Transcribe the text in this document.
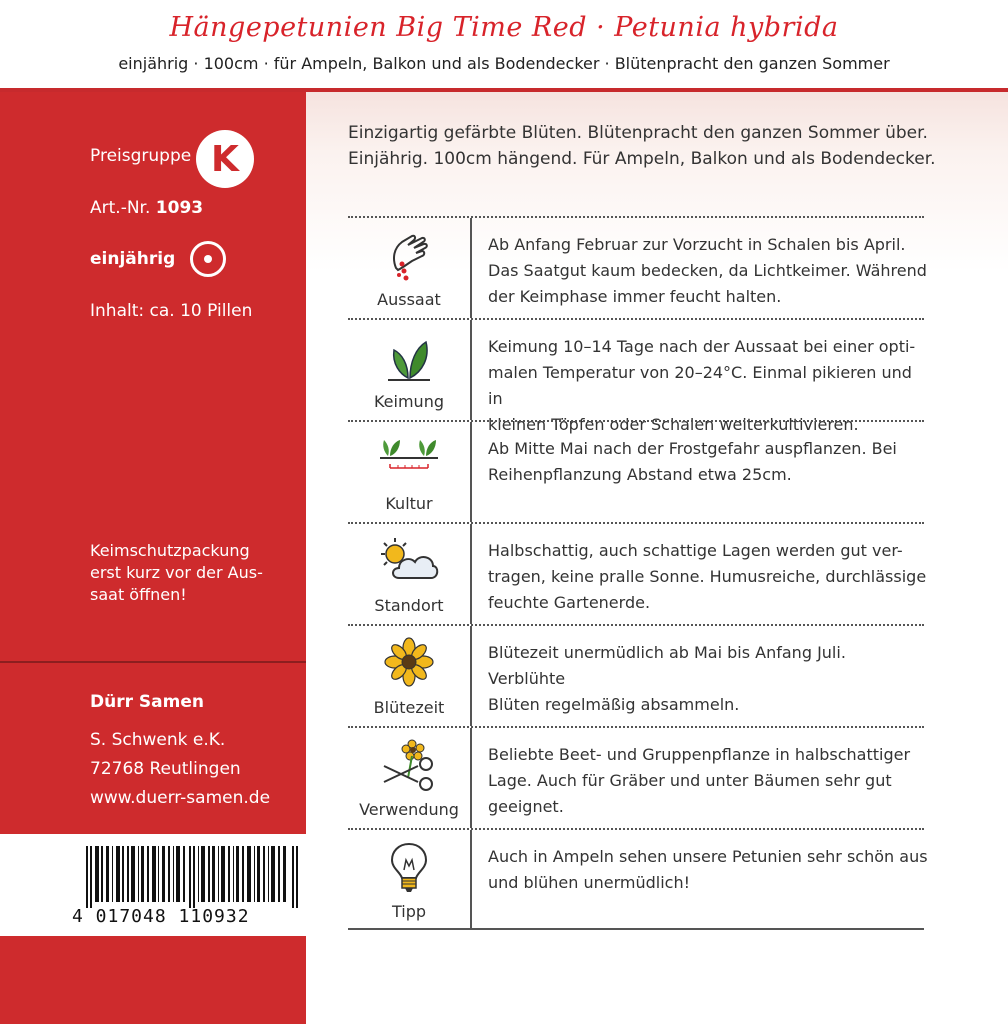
Hängepetunien Big Time Red · Petunia hybrida
einjährig · 100cm · für Ampeln, Balkon und als Bodendecker · Blütenpracht den ganzen Sommer
Preisgruppe K
Art.-Nr. 1093
einjährig
Inhalt: ca. 10 Pillen
Keimschutzpackung
erst kurz vor der Aus-
saat öffnen!
Dürr Samen
S. Schwenk e.K.
72768 Reutlingen
www.duerr-samen.de
4 017048 110932
Einzigartig gefärbte Blüten. Blütenpracht den ganzen Sommer über.
Einjährig. 100cm hängend. Für Ampeln, Balkon und als Bodendecker.
Aussaat
Ab Anfang Februar zur Vorzucht in Schalen bis April.
Das Saatgut kaum bedecken, da Lichtkeimer. Während
der Keimphase immer feucht halten.
Keimung
Keimung 10–14 Tage nach der Aussaat bei einer opti-
malen Temperatur von 20–24°C. Einmal pikieren und in
kleinen Töpfen oder Schalen weiterkultivieren.
Kultur
Ab Mitte Mai nach der Frostgefahr auspflanzen. Bei
Reihenpflanzung Abstand etwa 25cm.
Standort
Halbschattig, auch schattige Lagen werden gut ver-
tragen, keine pralle Sonne. Humusreiche, durchlässige
feuchte Gartenerde.
Blütezeit
Blütezeit unermüdlich ab Mai bis Anfang Juli. Verblühte
Blüten regelmäßig absammeln.
Verwendung
Beliebte Beet- und Gruppenpflanze in halbschattiger
Lage. Auch für Gräber und unter Bäumen sehr gut
geeignet.
Tipp
Auch in Ampeln sehen unsere Petunien sehr schön aus
und blühen unermüdlich!
